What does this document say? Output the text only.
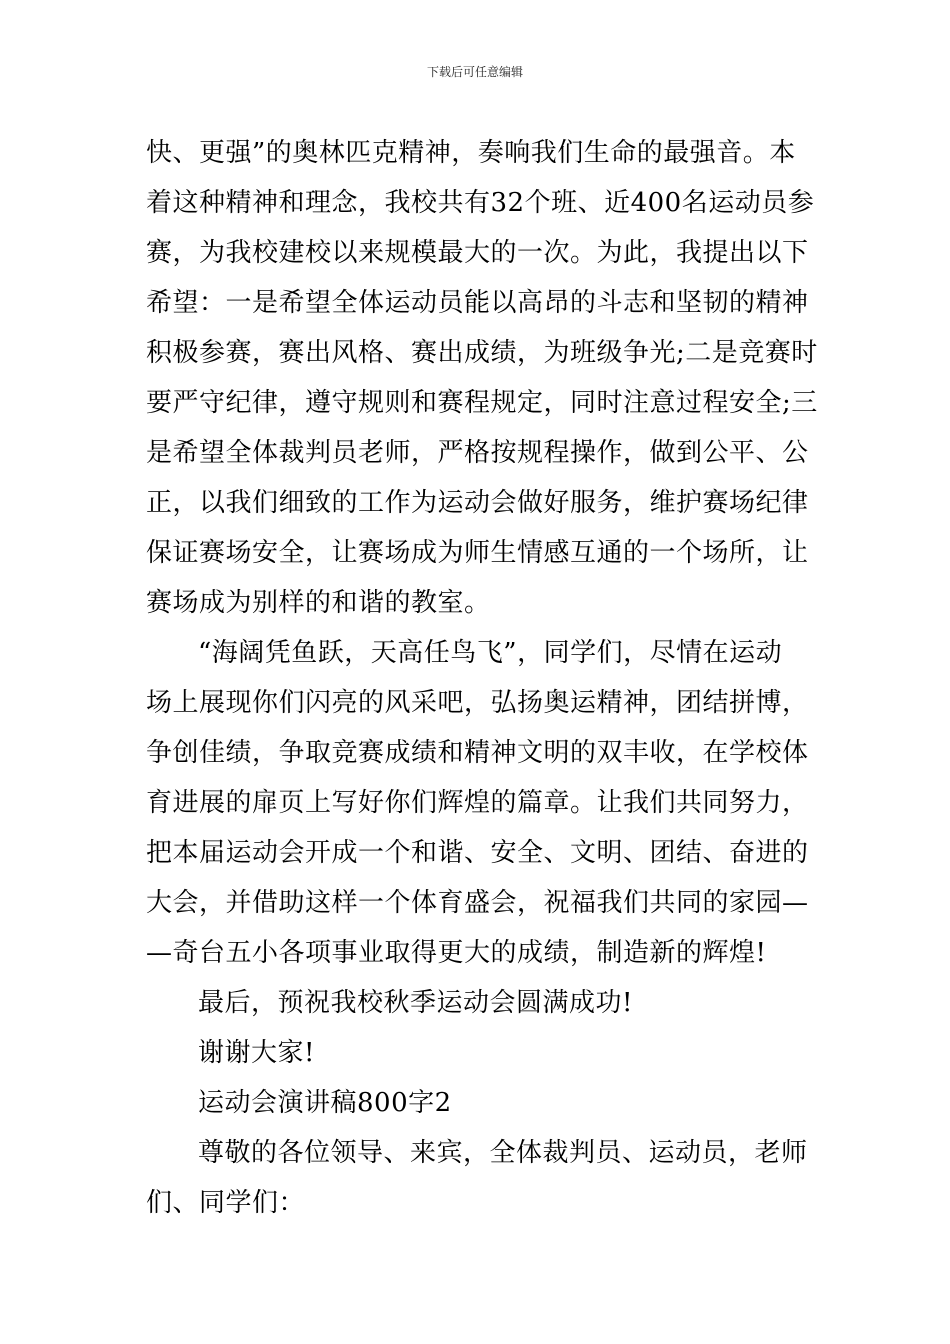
下载后可任意编辑
快、更强”的奥林匹克精神，奏响我们生命的最强音。本
着这种精神和理念，我校共有32个班、近400名运动员参
赛，为我校建校以来规模最大的一次。为此，我提出以下
希望：一是希望全体运动员能以高昂的斗志和坚韧的精神
积极参赛，赛出风格、赛出成绩，为班级争光;二是竞赛时
要严守纪律，遵守规则和赛程规定，同时注意过程安全;三
是希望全体裁判员老师，严格按规程操作，做到公平、公
正，以我们细致的工作为运动会做好服务，维护赛场纪律
保证赛场安全，让赛场成为师生情感互通的一个场所，让
赛场成为别样的和谐的教室。
“海阔凭鱼跃，天高任鸟飞”，同学们，尽情在运动
场上展现你们闪亮的风采吧，弘扬奥运精神，团结拼博，
争创佳绩，争取竞赛成绩和精神文明的双丰收，在学校体
育进展的扉页上写好你们辉煌的篇章。让我们共同努力，
把本届运动会开成一个和谐、安全、文明、团结、奋进的
大会，并借助这样一个体育盛会，祝福我们共同的家园—
—奇台五小各项事业取得更大的成绩，制造新的辉煌!
最后，预祝我校秋季运动会圆满成功!
谢谢大家!
运动会演讲稿800字2
尊敬的各位领导、来宾，全体裁判员、运动员，老师
们、同学们：
